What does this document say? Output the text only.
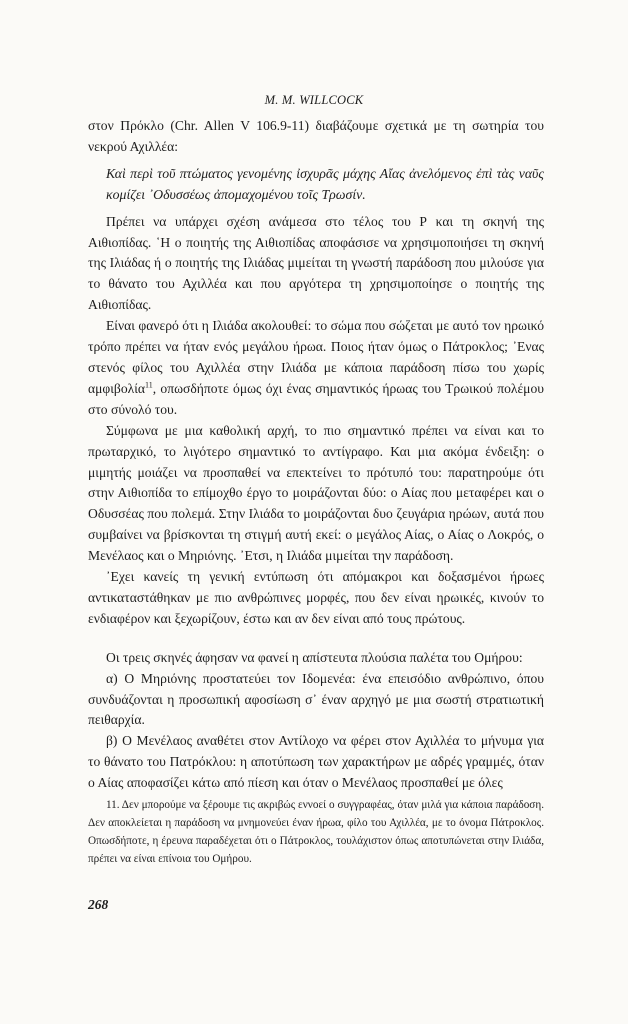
M. M. WILLCOCK

στον Πρόκλο (Chr. Allen V 106.9-11) διαβάζουμε σχετικά με τη σωτηρία του νεκρού Αχιλλέα:

Καὶ περὶ τοῦ πτώματος γενομένης ἰσχυρᾶς μάχης Αἴας ἀνελόμενος ἐπὶ τὰς ναῦς κομίζει ᾿Οδυσσέως ἀπομαχομένου τοῖς Τρωσίν.

Πρέπει να υπάρχει σχέση ανάμεσα στο τέλος του Ρ και τη σκηνή της Αιθιοπίδας. ῾Η ο ποιητής της Αιθιοπίδας αποφάσισε να χρησιμοποιήσει τη σκηνή της Ιλιάδας ή ο ποιητής της Ιλιάδας μιμείται τη γνωστή παράδοση που μιλούσε για το θάνατο του Αχιλλέα και που αργότερα τη χρησιμοποίησε ο ποιητής της Αιθιοπίδας.

Είναι φανερό ότι η Ιλιάδα ακολουθεί: το σώμα που σώζεται με αυτό τον ηρωικό τρόπο πρέπει να ήταν ενός μεγάλου ήρωα. Ποιος ήταν όμως ο Πάτροκλος; ᾿Ενας στενός φίλος του Αχιλλέα στην Ιλιάδα με κάποια παράδοση πίσω του χωρίς αμφιβολία$^{11}$, οπωσδήποτε όμως όχι ένας σημαντικός ήρωας του Τρωικού πολέμου στο σύνολό του.

Σύμφωνα με μια καθολική αρχή, το πιο σημαντικό πρέπει να είναι και το πρωταρχικό, το λιγότερο σημαντικό το αντίγραφο. Και μια ακόμα ένδειξη: ο μιμητής μοιάζει να προσπαθεί να επεκτείνει το πρότυπό του: παρατηρούμε ότι στην Αιθιοπίδα το επίμοχθο έργο το μοιράζονται δύο: ο Αίας που μεταφέρει και ο Οδυσσέας που πολεμά. Στην Ιλιάδα το μοιράζονται δυο ζευγάρια ηρώων, αυτά που συμβαίνει να βρίσκονται τη στιγμή αυτή εκεί: ο μεγάλος Αίας, ο Αίας ο Λοκρός, ο Μενέλαος και ο Μηριόνης. ᾿Ετσι, η Ιλιάδα μιμείται την παράδοση.

᾿Εχει κανείς τη γενική εντύπωση ότι απόμακροι και δοξασμένοι ήρωες αντικαταστάθηκαν με πιο ανθρώπινες μορφές, που δεν είναι ηρωικές, κινούν το ενδιαφέρον και ξεχωρίζουν, έστω και αν δεν είναι από τους πρώτους.

Οι τρεις σκηνές άφησαν να φανεί η απίστευτα πλούσια παλέτα του Ομήρου:

α) Ο Μηριόνης προστατεύει τον Ιδομενέα: ένα επεισόδιο ανθρώπινο, όπου συνδυάζονται η προσωπική αφοσίωση σ᾿ έναν αρχηγό με μια σωστή στρατιωτική πειθαρχία.

β) Ο Μενέλαος αναθέτει στον Αντίλοχο να φέρει στον Αχιλλέα το μήνυμα για το θάνατο του Πατρόκλου: η αποτύπωση των χαρακτήρων με αδρές γραμμές, όταν ο Αίας αποφασίζει κάτω από πίεση και όταν ο Μενέλαος προσπαθεί με όλες

11. Δεν μπορούμε να ξέρουμε τις ακριβώς εννοεί ο συγγραφέας, όταν μιλά για κάποια παράδοση. Δεν αποκλείεται η παράδοση να μνημονεύει έναν ήρωα, φίλο του Αχιλλέα, με το όνομα Πάτροκλος. Οπωσδήποτε, η έρευνα παραδέχεται ότι ο Πάτροκλος, τουλάχιστον όπως αποτυπώνεται στην Ιλιάδα, πρέπει να είναι επίνοια του Ομήρου.

268
